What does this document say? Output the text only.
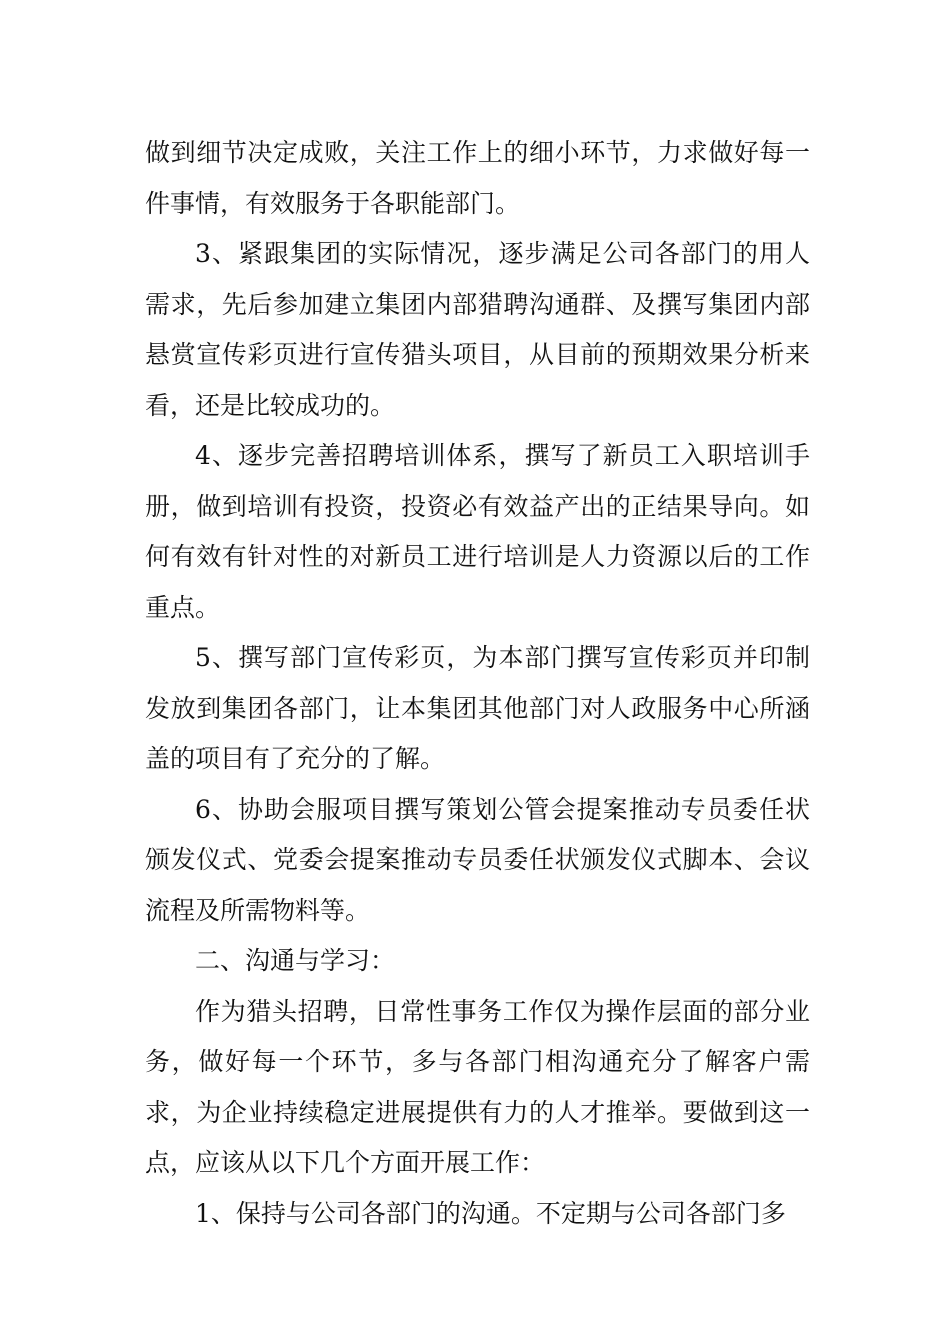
做到细节决定成败，关注工作上的细小环节，力求做好每一件事情，有效服务于各职能部门。

3、紧跟集团的实际情况，逐步满足公司各部门的用人需求，先后参加建立集团内部猎聘沟通群、及撰写集团内部悬赏宣传彩页进行宣传猎头项目，从目前的预期效果分析来看，还是比较成功的。

4、逐步完善招聘培训体系，撰写了新员工入职培训手册，做到培训有投资，投资必有效益产出的正结果导向。如何有效有针对性的对新员工进行培训是人力资源以后的工作重点。

5、撰写部门宣传彩页，为本部门撰写宣传彩页并印制发放到集团各部门，让本集团其他部门对人政服务中心所涵盖的项目有了充分的了解。

6、协助会服项目撰写策划公管会提案推动专员委任状颁发仪式、党委会提案推动专员委任状颁发仪式脚本、会议流程及所需物料等。

二、沟通与学习：

作为猎头招聘，日常性事务工作仅为操作层面的部分业务，做好每一个环节，多与各部门相沟通充分了解客户需求，为企业持续稳定进展提供有力的人才推举。要做到这一点，应该从以下几个方面开展工作：

1、保持与公司各部门的沟通。不定期与公司各部门多
